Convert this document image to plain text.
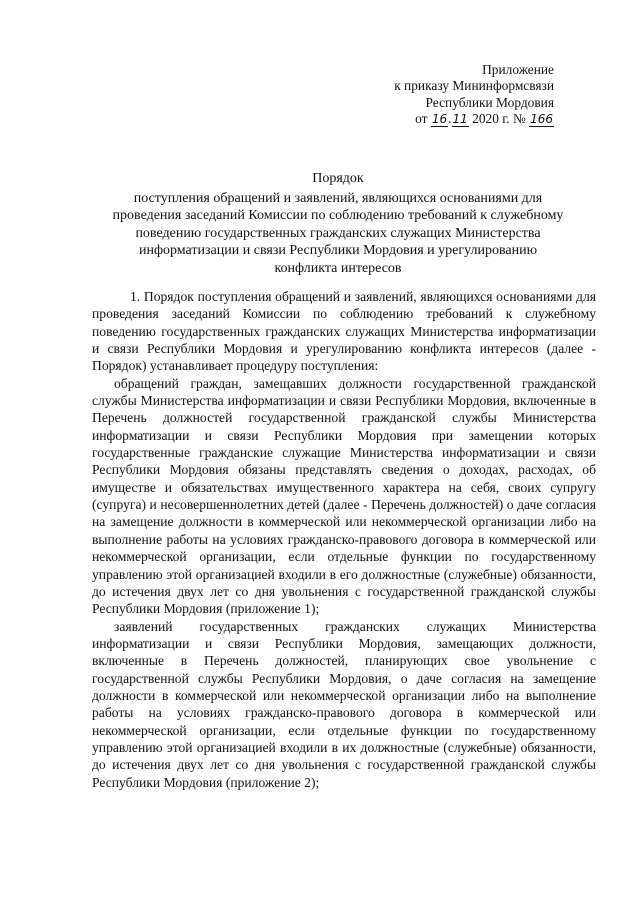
Приложение
к приказу Мининформсвязи
Республики Мордовия
от 16.11 2020 г. № 166
Порядок
поступления обращений и заявлений, являющихся основаниями для
проведения заседаний Комиссии по соблюдению требований к служебному
поведению государственных гражданских служащих Министерства
информатизации и связи Республики Мордовия и урегулированию
конфликта интересов

1. Порядок поступления обращений и заявлений, являющихся основаниями для проведения заседаний Комиссии по соблюдению требований к служебному поведению государственных гражданских служащих Министерства информатизации и связи Республики Мордовия и урегулированию конфликта интересов (далее - Порядок) устанавливает процедуру поступления:

обращений граждан, замещавших должности государственной гражданской службы Министерства информатизации и связи Республики Мордовия, включенные в Перечень должностей государственной гражданской службы Министерства информатизации и связи Республики Мордовия при замещении которых государственные гражданские служащие Министерства информатизации и связи Республики Мордовия обязаны представлять сведения о доходах, расходах, об имуществе и обязательствах имущественного характера на себя, своих супругу (супруга) и несовершеннолетних детей (далее - Перечень должностей) о даче согласия на замещение должности в коммерческой или некоммерческой организации либо на выполнение работы на условиях гражданско-правового договора в коммерческой или некоммерческой организации, если отдельные функции по государственному управлению этой организацией входили в его должностные (служебные) обязанности, до истечения двух лет со дня увольнения с государственной гражданской службы Республики Мордовия (приложение 1);

заявлений государственных гражданских служащих Министерства информатизации и связи Республики Мордовия, замещающих должности, включенные в Перечень должностей, планирующих свое увольнение с государственной службы Республики Мордовия, о даче согласия на замещение должности в коммерческой или некоммерческой организации либо на выполнение работы на условиях гражданско-правового договора в коммерческой или некоммерческой организации, если отдельные функции по государственному управлению этой организацией входили в их должностные (служебные) обязанности, до истечения двух лет со дня увольнения с государственной гражданской службы Республики Мордовия (приложение 2);
